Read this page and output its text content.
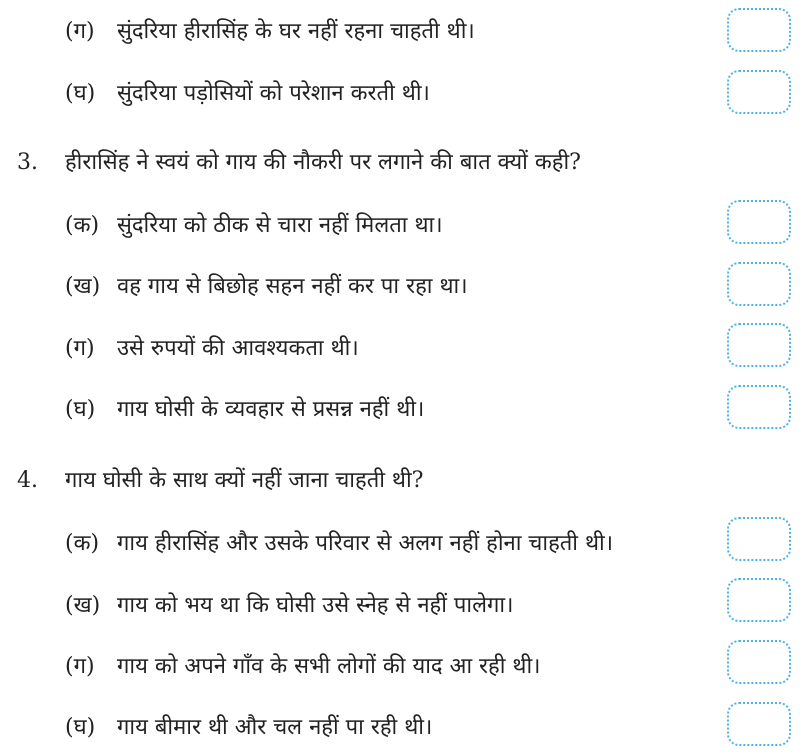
(ग) सुंदरिया हीरासिंह के घर नहीं रहना चाहती थी।
(घ) सुंदरिया पड़ोसियों को परेशान करती थी।
3. हीरासिंह ने स्वयं को गाय की नौकरी पर लगाने की बात क्यों कही?
(क) सुंदरिया को ठीक से चारा नहीं मिलता था।
(ख) वह गाय से बिछोह सहन नहीं कर पा रहा था।
(ग) उसे रुपयों की आवश्यकता थी।
(घ) गाय घोसी के व्यवहार से प्रसन्न नहीं थी।
4. गाय घोसी के साथ क्यों नहीं जाना चाहती थी?
(क) गाय हीरासिंह और उसके परिवार से अलग नहीं होना चाहती थी।
(ख) गाय को भय था कि घोसी उसे स्नेह से नहीं पालेगा।
(ग) गाय को अपने गाँव के सभी लोगों की याद आ रही थी।
(घ) गाय बीमार थी और चल नहीं पा रही थी।
